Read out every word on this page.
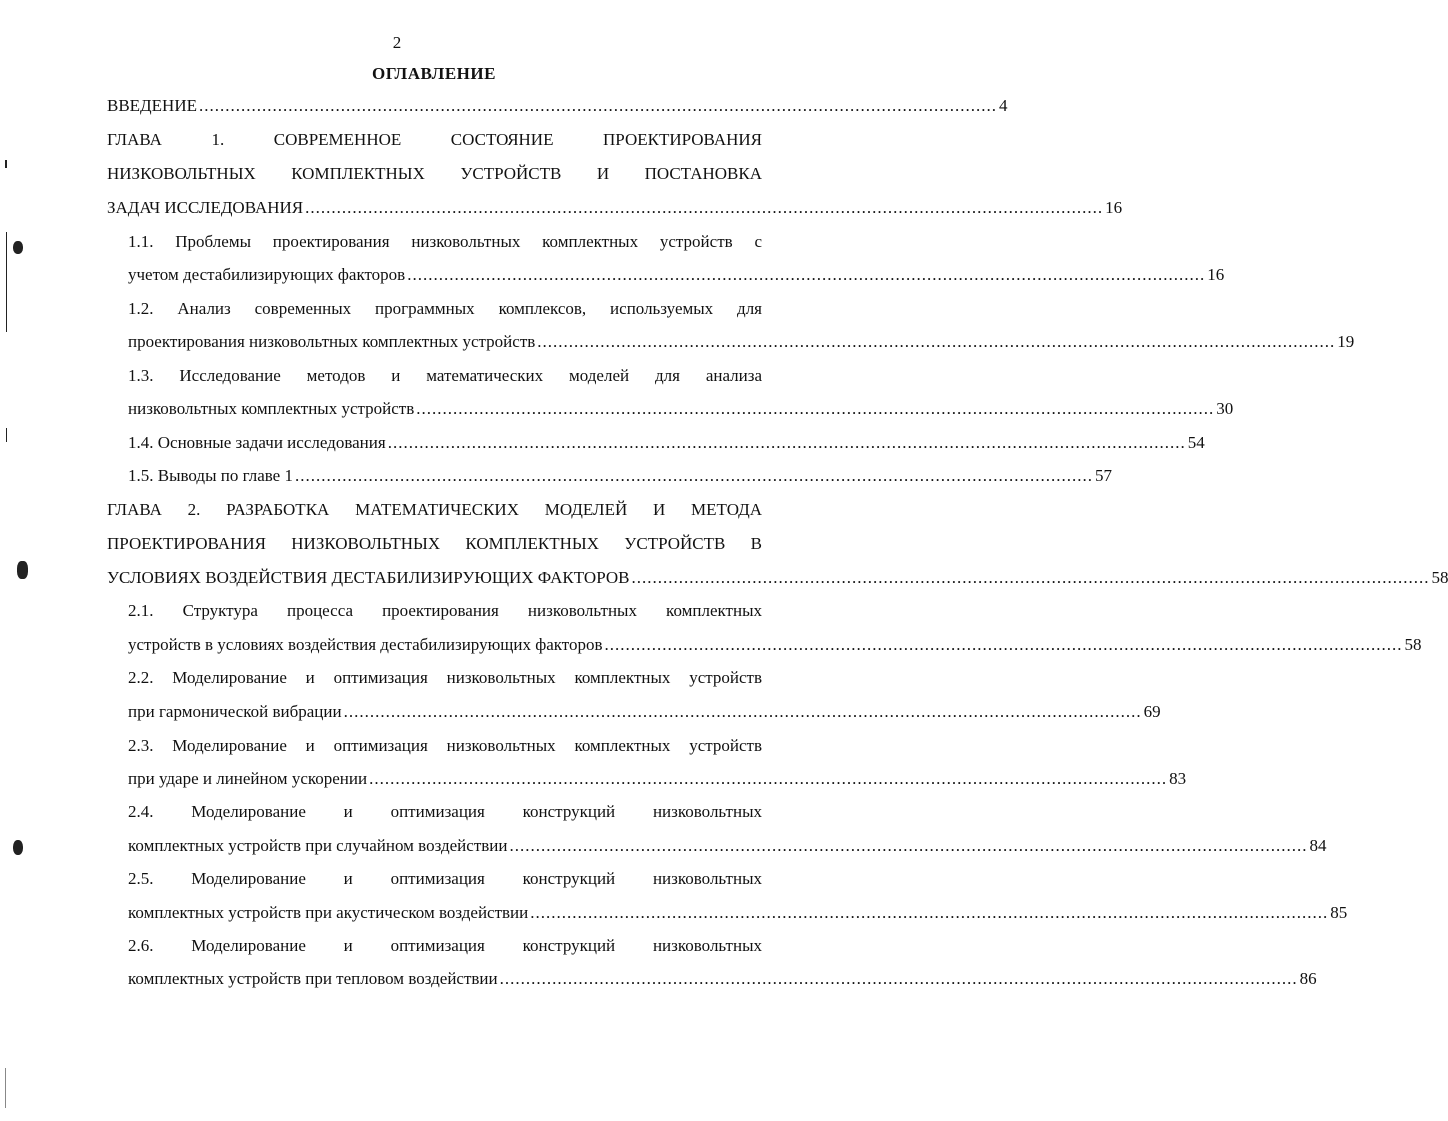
2
ОГЛАВЛЕНИЕ
ВВЕДЕНИЕ ........................................................................................................................................................ 4
ГЛАВА 1. СОВРЕМЕННОЕ СОСТОЯНИЕ ПРОЕКТИРОВАНИЯ
НИЗКОВОЛЬТНЫХ КОМПЛЕКТНЫХ УСТРОЙСТВ И ПОСТАНОВКА
ЗАДАЧ ИССЛЕДОВАНИЯ ........................................................................................................................................................ 16
1.1. Проблемы проектирования низковольтных комплектных устройств с
учетом дестабилизирующих факторов ........................................................................................................................................................ 16
1.2. Анализ современных программных комплексов, используемых для
проектирования низковольтных комплектных устройств ........................................................................................................................................................ 19
1.3. Исследование методов и математических моделей для анализа
низковольтных комплектных устройств ........................................................................................................................................................ 30
1.4. Основные задачи исследования ........................................................................................................................................................ 54
1.5. Выводы по главе 1 ........................................................................................................................................................ 57
ГЛАВА 2. РАЗРАБОТКА МАТЕМАТИЧЕСКИХ МОДЕЛЕЙ И МЕТОДА
ПРОЕКТИРОВАНИЯ НИЗКОВОЛЬТНЫХ КОМПЛЕКТНЫХ УСТРОЙСТВ В
УСЛОВИЯХ ВОЗДЕЙСТВИЯ ДЕСТАБИЛИЗИРУЮЩИХ ФАКТОРОВ ........................................................................................................................................................ 58
2.1. Структура процесса проектирования низковольтных комплектных
устройств в условиях воздействия дестабилизирующих факторов ........................................................................................................................................................ 58
2.2. Моделирование и оптимизация низковольтных комплектных устройств
при гармонической вибрации ........................................................................................................................................................ 69
2.3. Моделирование и оптимизация низковольтных комплектных устройств
при ударе и линейном ускорении ........................................................................................................................................................ 83
2.4. Моделирование и оптимизация конструкций низковольтных
комплектных устройств при случайном воздействии ........................................................................................................................................................ 84
2.5. Моделирование и оптимизация конструкций низковольтных
комплектных устройств при акустическом воздействии ........................................................................................................................................................ 85
2.6. Моделирование и оптимизация конструкций низковольтных
комплектных устройств при тепловом воздействии ........................................................................................................................................................ 86
